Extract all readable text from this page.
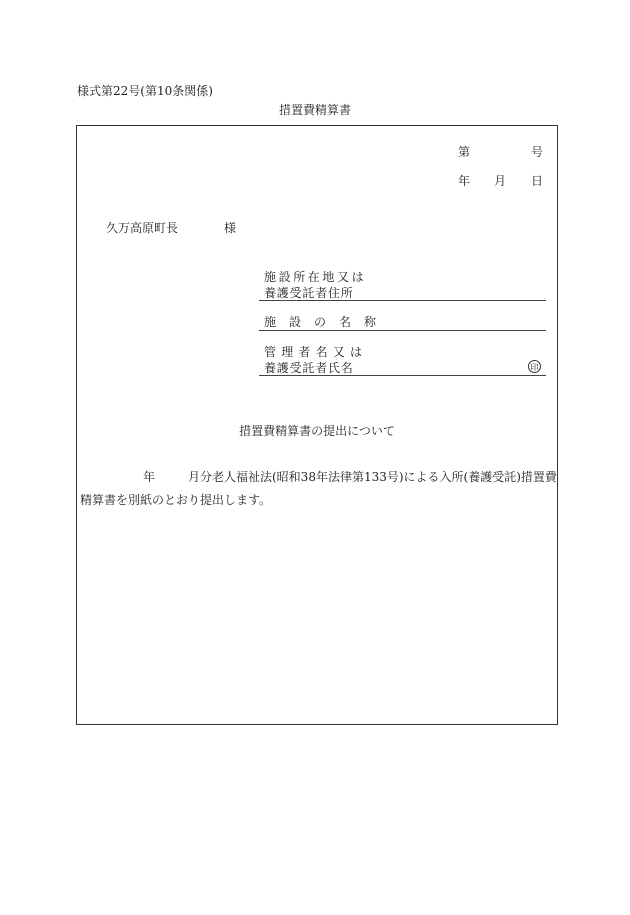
様式第22号(第10条関係)
措置費精算書
第	号
年 月 日
久万高原町長	様
施設所在地又は
養護受託者住所
施設の名称
管理者名又は
養護受託者氏名	印
措置費精算書の提出について
年	月分老人福祉法(昭和38年法律第133号)による入所(養護受託)措置費
精算書を別紙のとおり提出します。
